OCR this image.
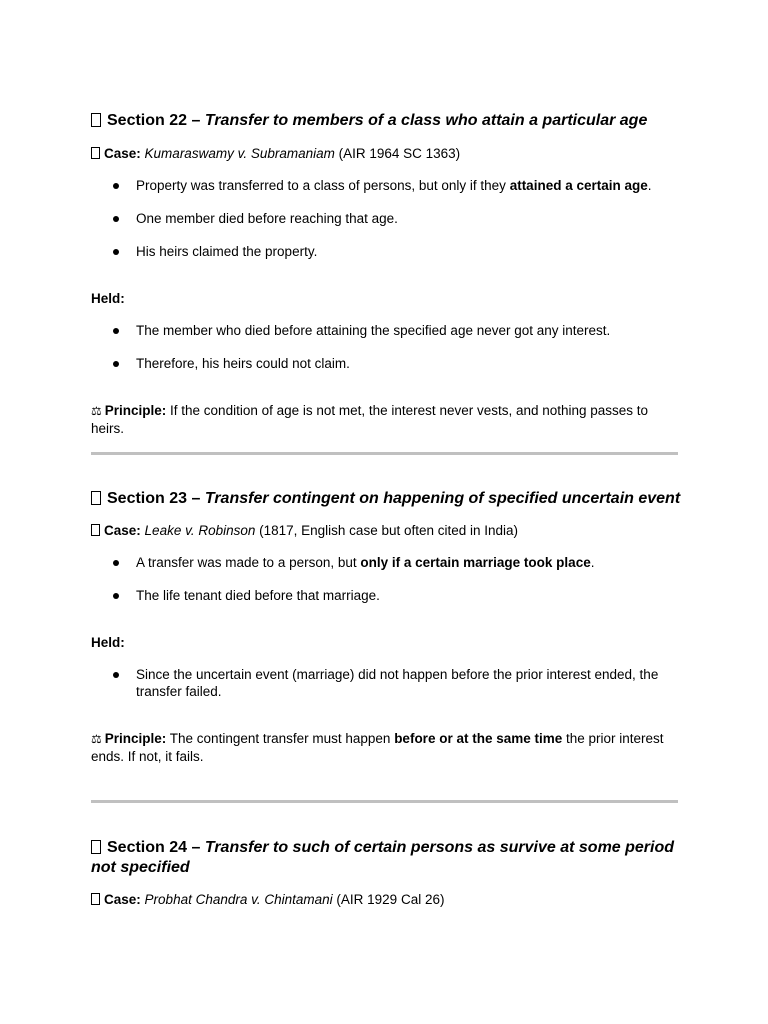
Section 22 – Transfer to members of a class who attain a particular age

Case: Kumaraswamy v. Subramaniam (AIR 1964 SC 1363)

Property was transferred to a class of persons, but only if they attained a certain age.
One member died before reaching that age.
His heirs claimed the property.

Held:

The member who died before attaining the specified age never got any interest.
Therefore, his heirs could not claim.

⚖ Principle: If the condition of age is not met, the interest never vests, and nothing passes to heirs.

Section 23 – Transfer contingent on happening of specified uncertain event

Case: Leake v. Robinson (1817, English case but often cited in India)

A transfer was made to a person, but only if a certain marriage took place.
The life tenant died before that marriage.

Held:

Since the uncertain event (marriage) did not happen before the prior interest ended, the transfer failed.

⚖ Principle: The contingent transfer must happen before or at the same time the prior interest ends. If not, it fails.

Section 24 – Transfer to such of certain persons as survive at some period not specified

Case: Probhat Chandra v. Chintamani (AIR 1929 Cal 26)
